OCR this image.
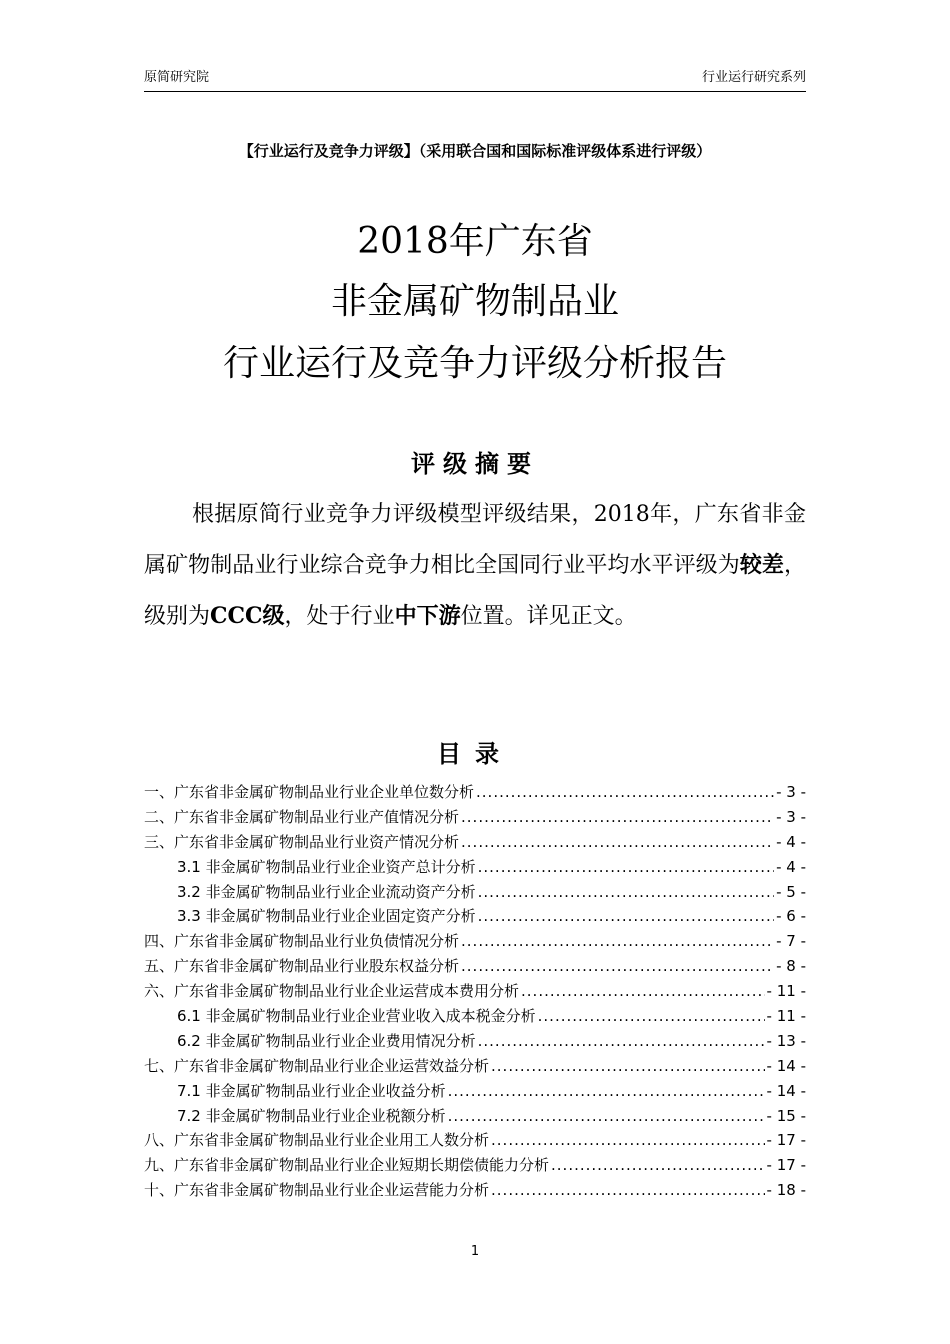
原简研究院	行业运行研究系列
【行业运行及竞争力评级】（采用联合国和国际标准评级体系进行评级）
2018年广东省
非金属矿物制品业
行业运行及竞争力评级分析报告
评级摘要
根据原简行业竞争力评级模型评级结果，2018年，广东省非金属矿物制品业行业综合竞争力相比全国同行业平均水平评级为较差，级别为CCC级，处于行业中下游位置。详见正文。
目录
一、广东省非金属矿物制品业行业企业单位数分析 .....	- 3 -
二、广东省非金属矿物制品业行业产值情况分析 .....	- 3 -
三、广东省非金属矿物制品业行业资产情况分析 .....	- 4 -
3.1 非金属矿物制品业行业企业资产总计分析 .....	- 4 -
3.2 非金属矿物制品业行业企业流动资产分析 .....	- 5 -
3.3 非金属矿物制品业行业企业固定资产分析 .....	- 6 -
四、广东省非金属矿物制品业行业负债情况分析 .....	- 7 -
五、广东省非金属矿物制品业行业股东权益分析 .....	- 8 -
六、广东省非金属矿物制品业行业企业运营成本费用分析 .....	- 11 -
6.1 非金属矿物制品业行业企业营业收入成本税金分析 .....	- 11 -
6.2 非金属矿物制品业行业企业费用情况分析 .....	- 13 -
七、广东省非金属矿物制品业行业企业运营效益分析 .....	- 14 -
7.1 非金属矿物制品业行业企业收益分析 .....	- 14 -
7.2 非金属矿物制品业行业企业税额分析 .....	- 15 -
八、广东省非金属矿物制品业行业企业用工人数分析 .....	- 17 -
九、广东省非金属矿物制品业行业企业短期长期偿债能力分析 .....	- 17 -
十、广东省非金属矿物制品业行业企业运营能力分析 .....	- 18 -
1
